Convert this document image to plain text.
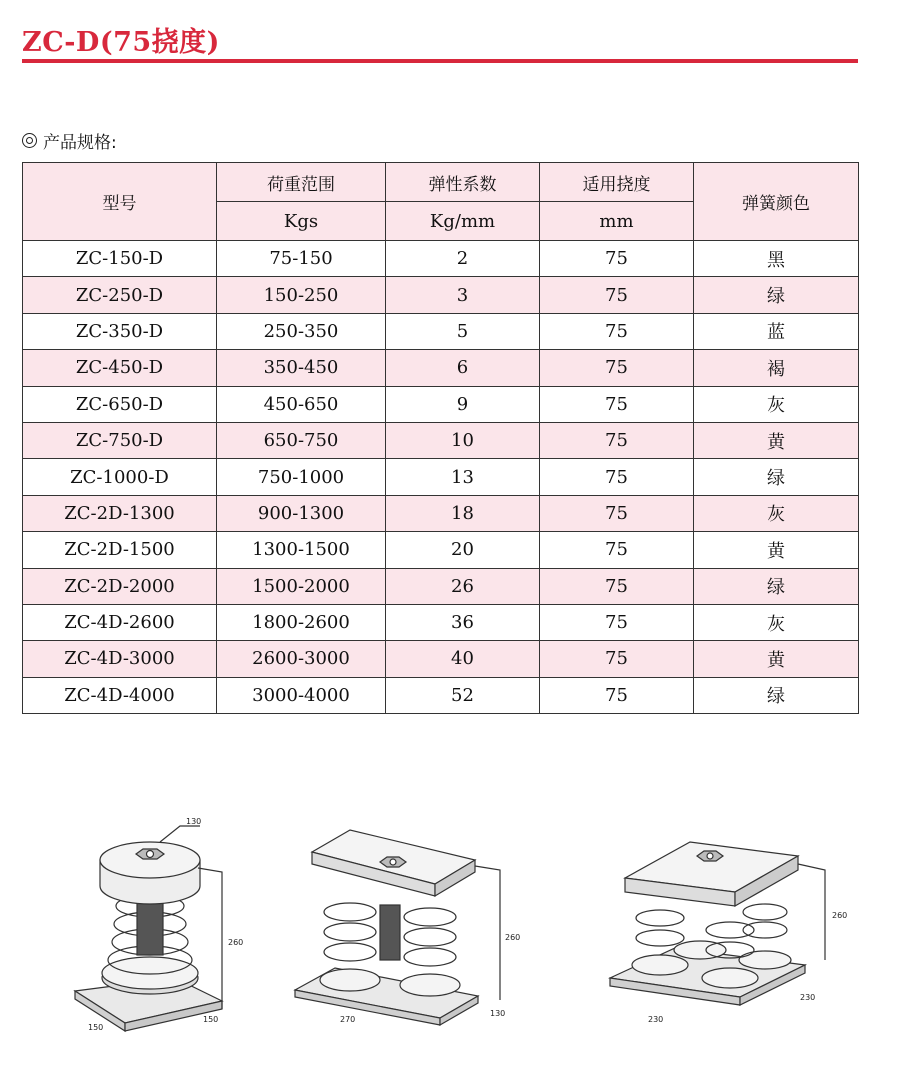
ZC-D(75挠度)
产品规格:
型号	荷重范围	弹性系数	适用挠度	弹簧颜色
	Kgs	Kg/mm	mm	
ZC-150-D	75-150	2	75	黑
ZC-250-D	150-250	3	75	绿
ZC-350-D	250-350	5	75	蓝
ZC-450-D	350-450	6	75	褐
ZC-650-D	450-650	9	75	灰
ZC-750-D	650-750	10	75	黄
ZC-1000-D	750-1000	13	75	绿
ZC-2D-1300	900-1300	18	75	灰
ZC-2D-1500	1300-1500	20	75	黄
ZC-2D-2000	1500-2000	26	75	绿
ZC-4D-2600	1800-2600	36	75	灰
ZC-4D-3000	2600-3000	40	75	黄
ZC-4D-4000	3000-4000	52	75	绿
130
260
150
150
260
270
130
260
230
230
